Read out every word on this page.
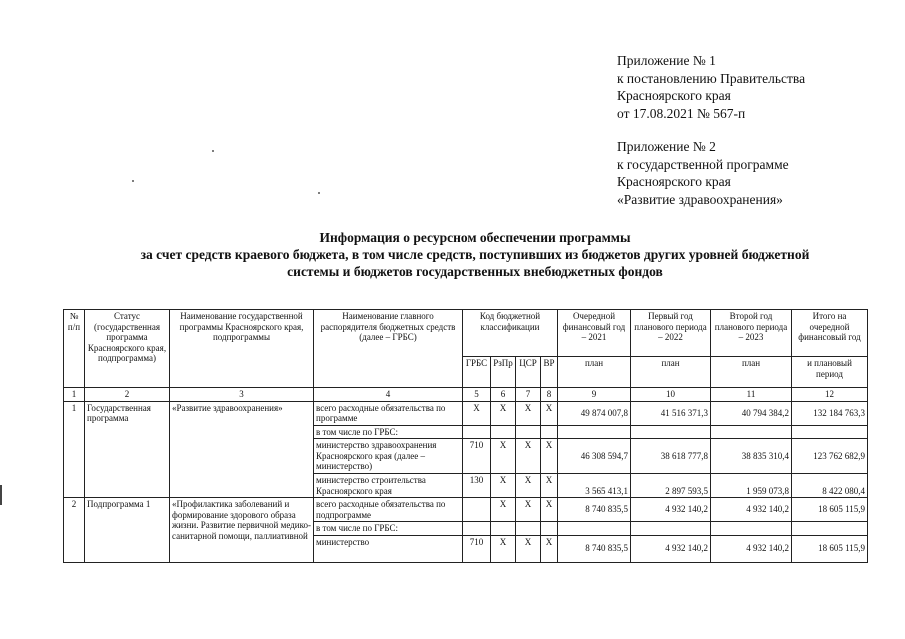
Приложение № 1
к постановлению Правительства
Красноярского края
от 17.08.2021 № 567-п
Приложение № 2
к государственной программе
Красноярского края
«Развитие здравоохранения»
Информация о ресурсном обеспечении программы
за счет средств краевого бюджета, в том числе средств, поступивших из бюджетов других уровней бюджетной
системы и бюджетов государственных внебюджетных фондов
№ п/п	Статус (государственная программа Красноярского края, подпрограмма)	Наименование государственной программы Красноярского края, подпрограммы	Наименование главного распорядителя бюджетных средств (далее – ГРБС)	Код бюджетной классификации				Очередной финансовый год – 2021	Первый год планового периода – 2022	Второй год планового периода – 2023	Итого на очередной финансовый год
				ГРБС	РзПр	ЦСР	ВР	план	план	план	и плановый период
1	2	3	4	5	6	7	8	9	10	11	12
1	Государственная программа	«Развитие здравоохранения»	всего расходные обязательства по программе	X	X	X	X	49 874 007,8	41 516 371,3	40 794 384,2	132 184 763,3
			в том числе по ГРБС:								
			министерство здравоохранения Красноярского края (далее – министерство)	710	X	X	X	46 308 594,7	38 618 777,8	38 835 310,4	123 762 682,9
			министерство строительства Красноярского края	130	X	X	X	3 565 413,1	2 897 593,5	1 959 073,8	8 422 080,4
2	Подпрограмма 1	«Профилактика заболеваний и формирование здорового образа жизни. Развитие первичной медико-санитарной помощи, паллиативной	всего расходные обязательства по подпрограмме		X	X	X	8 740 835,5	4 932 140,2	4 932 140,2	18 605 115,9
			в том числе по ГРБС:								
			министерство	710	X	X	X	8 740 835,5	4 932 140,2	4 932 140,2	18 605 115,9
